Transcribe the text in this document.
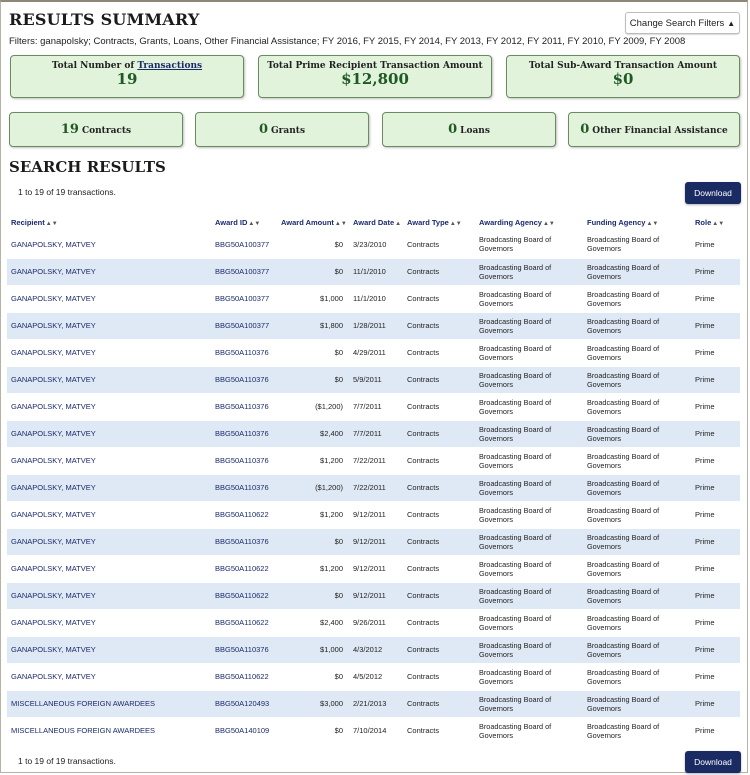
RESULTS SUMMARY
Filters: ganapolsky; Contracts, Grants, Loans, Other Financial Assistance; FY 2016, FY 2015, FY 2014, FY 2013, FY 2012, FY 2011, FY 2010, FY 2009, FY 2008
Change Search Filters ▲
Total Number of Transactions
19
Total Prime Recipient Transaction Amount
$12,800
Total Sub-Award Transaction Amount
$0
19 Contracts	0 Grants	0 Loans	0 Other Financial Assistance
SEARCH RESULTS
1 to 19 of 19 transactions.	Download
Recipient▲▼	Award ID▲▼	Award Amount▲▼	Award Date▲	Award Type▲▼	Awarding Agency▲▼	Funding Agency▲▼	Role▲▼
GANAPOLSKY, MATVEY	BBG50A100377	$0	3/23/2010	Contracts	Broadcasting Board of Governors	Broadcasting Board of Governors	Prime
GANAPOLSKY, MATVEY	BBG50A100377	$0	11/1/2010	Contracts	Broadcasting Board of Governors	Broadcasting Board of Governors	Prime
GANAPOLSKY, MATVEY	BBG50A100377	$1,000	11/1/2010	Contracts	Broadcasting Board of Governors	Broadcasting Board of Governors	Prime
GANAPOLSKY, MATVEY	BBG50A100377	$1,800	1/28/2011	Contracts	Broadcasting Board of Governors	Broadcasting Board of Governors	Prime
GANAPOLSKY, MATVEY	BBG50A110376	$0	4/29/2011	Contracts	Broadcasting Board of Governors	Broadcasting Board of Governors	Prime
GANAPOLSKY, MATVEY	BBG50A110376	$0	5/9/2011	Contracts	Broadcasting Board of Governors	Broadcasting Board of Governors	Prime
GANAPOLSKY, MATVEY	BBG50A110376	($1,200)	7/7/2011	Contracts	Broadcasting Board of Governors	Broadcasting Board of Governors	Prime
GANAPOLSKY, MATVEY	BBG50A110376	$2,400	7/7/2011	Contracts	Broadcasting Board of Governors	Broadcasting Board of Governors	Prime
GANAPOLSKY, MATVEY	BBG50A110376	$1,200	7/22/2011	Contracts	Broadcasting Board of Governors	Broadcasting Board of Governors	Prime
GANAPOLSKY, MATVEY	BBG50A110376	($1,200)	7/22/2011	Contracts	Broadcasting Board of Governors	Broadcasting Board of Governors	Prime
GANAPOLSKY, MATVEY	BBG50A110622	$1,200	9/12/2011	Contracts	Broadcasting Board of Governors	Broadcasting Board of Governors	Prime
GANAPOLSKY, MATVEY	BBG50A110376	$0	9/12/2011	Contracts	Broadcasting Board of Governors	Broadcasting Board of Governors	Prime
GANAPOLSKY, MATVEY	BBG50A110622	$1,200	9/12/2011	Contracts	Broadcasting Board of Governors	Broadcasting Board of Governors	Prime
GANAPOLSKY, MATVEY	BBG50A110622	$0	9/12/2011	Contracts	Broadcasting Board of Governors	Broadcasting Board of Governors	Prime
GANAPOLSKY, MATVEY	BBG50A110622	$2,400	9/26/2011	Contracts	Broadcasting Board of Governors	Broadcasting Board of Governors	Prime
GANAPOLSKY, MATVEY	BBG50A110376	$1,000	4/3/2012	Contracts	Broadcasting Board of Governors	Broadcasting Board of Governors	Prime
GANAPOLSKY, MATVEY	BBG50A110622	$0	4/5/2012	Contracts	Broadcasting Board of Governors	Broadcasting Board of Governors	Prime
MISCELLANEOUS FOREIGN AWARDEES	BBG50A120493	$3,000	2/21/2013	Contracts	Broadcasting Board of Governors	Broadcasting Board of Governors	Prime
MISCELLANEOUS FOREIGN AWARDEES	BBG50A140109	$0	7/10/2014	Contracts	Broadcasting Board of Governors	Broadcasting Board of Governors	Prime
1 to 19 of 19 transactions.	Download
